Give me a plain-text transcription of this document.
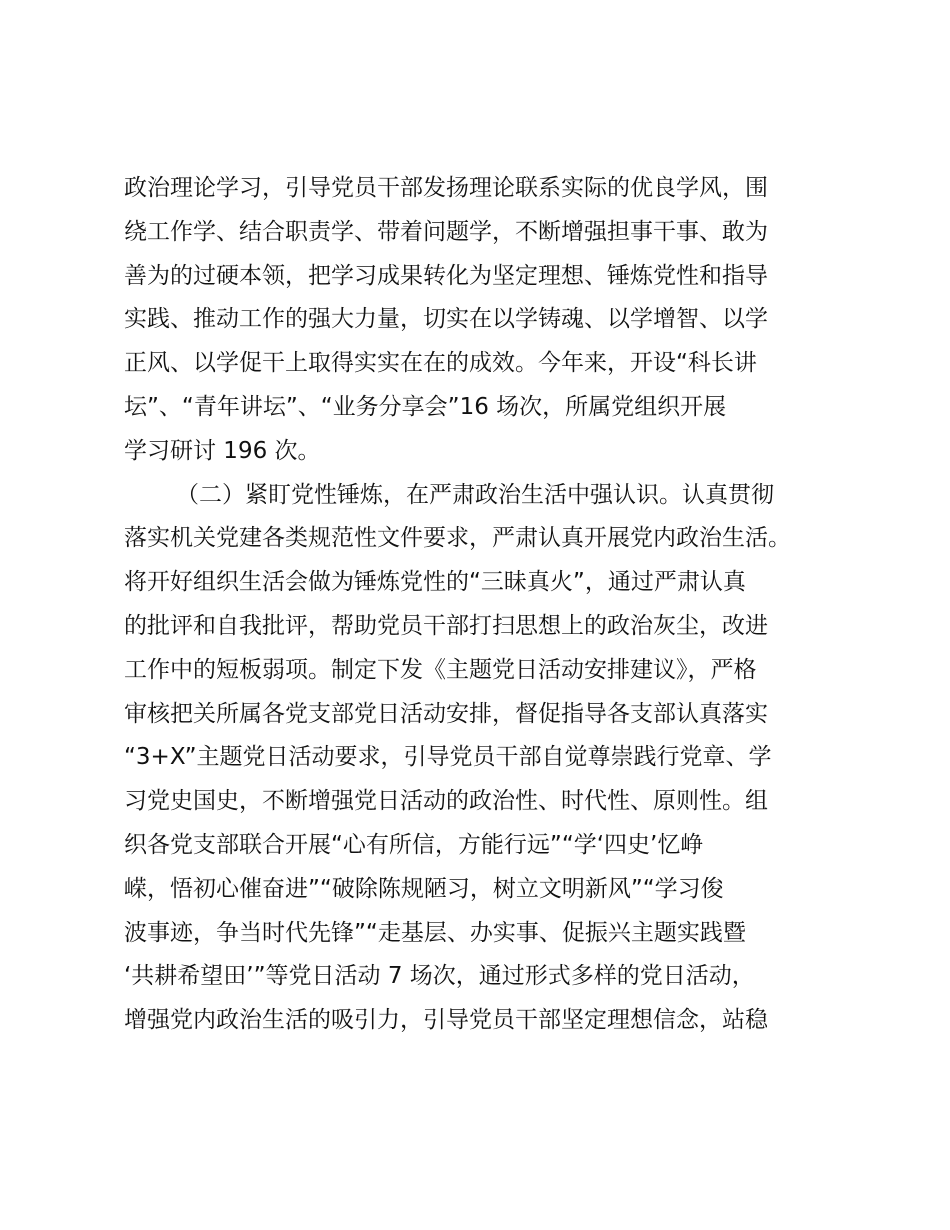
政治理论学习，引导党员干部发扬理论联系实际的优良学风，围
绕工作学、结合职责学、带着问题学，不断增强担事干事、敢为
善为的过硬本领，把学习成果转化为坚定理想、锤炼党性和指导
实践、推动工作的强大力量，切实在以学铸魂、以学增智、以学
正风、以学促干上取得实实在在的成效。今年来，开设“科长讲
坛”、“青年讲坛”、“业务分享会”16 场次，所属党组织开展
学习研讨 196 次。
（二）紧盯党性锤炼，在严肃政治生活中强认识。认真贯彻
落实机关党建各类规范性文件要求，严肃认真开展党内政治生活。
将开好组织生活会做为锤炼党性的“三昧真火”，通过严肃认真
的批评和自我批评，帮助党员干部打扫思想上的政治灰尘，改进
工作中的短板弱项。制定下发《主题党日活动安排建议》，严格
审核把关所属各党支部党日活动安排，督促指导各支部认真落实
“3+X”主题党日活动要求，引导党员干部自觉尊崇践行党章、学
习党史国史，不断增强党日活动的政治性、时代性、原则性。组
织各党支部联合开展“心有所信，方能行远”“学‘四史’忆峥
嵘，悟初心催奋进”“破除陈规陋习，树立文明新风”“学习俊
波事迹，争当时代先锋”“走基层、办实事、促振兴主题实践暨
‘共耕希望田’”等党日活动 7 场次，通过形式多样的党日活动，
增强党内政治生活的吸引力，引导党员干部坚定理想信念，站稳
